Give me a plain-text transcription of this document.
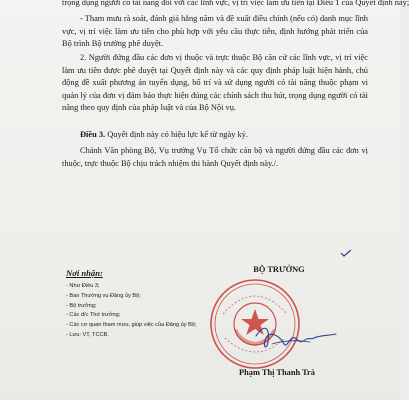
trọng dụng người có tài năng đối với các lĩnh vực, vị trí việc làm ưu tiên tại Điều 1 của Quyết định này;
- Tham mưu rà soát, đánh giá hằng năm và đề xuất điều chỉnh (nếu có) danh mục lĩnh vực, vị trí việc làm ưu tiên cho phù hợp với yêu cầu thực tiễn, định hướng phát triển của Bộ trình Bộ trưởng phê duyệt.
2. Người đứng đầu các đơn vị thuộc và trực thuộc Bộ căn cứ các lĩnh vực, vị trí việc làm ưu tiên được phê duyệt tại Quyết định này và các quy định pháp luật hiện hành, chủ động đề xuất phương án tuyển dụng, bố trí và sử dụng người có tài năng thuộc phạm vi quản lý của đơn vị đảm bảo thực hiện đúng các chính sách thu hút, trọng dụng người có tài năng theo quy định của pháp luật và của Bộ Nội vụ.
Điều 3. Quyết định này có hiệu lực kể từ ngày ký.
Chánh Văn phòng Bộ, Vụ trưởng Vụ Tổ chức cán bộ và người đứng đầu các đơn vị thuộc, trực thuộc Bộ chịu trách nhiệm thi hành Quyết định này./.
Nơi nhận:
- Như Điều 3;
- Ban Thường vụ Đảng ủy Bộ;
- Bộ trưởng;
- Các đ/c Thứ trưởng;
- Các cơ quan tham mưu, giúp việc của Đảng ủy Bộ;
- Lưu: VT, TCCB.
BỘ TRƯỞNG
Phạm Thị Thanh Trà
